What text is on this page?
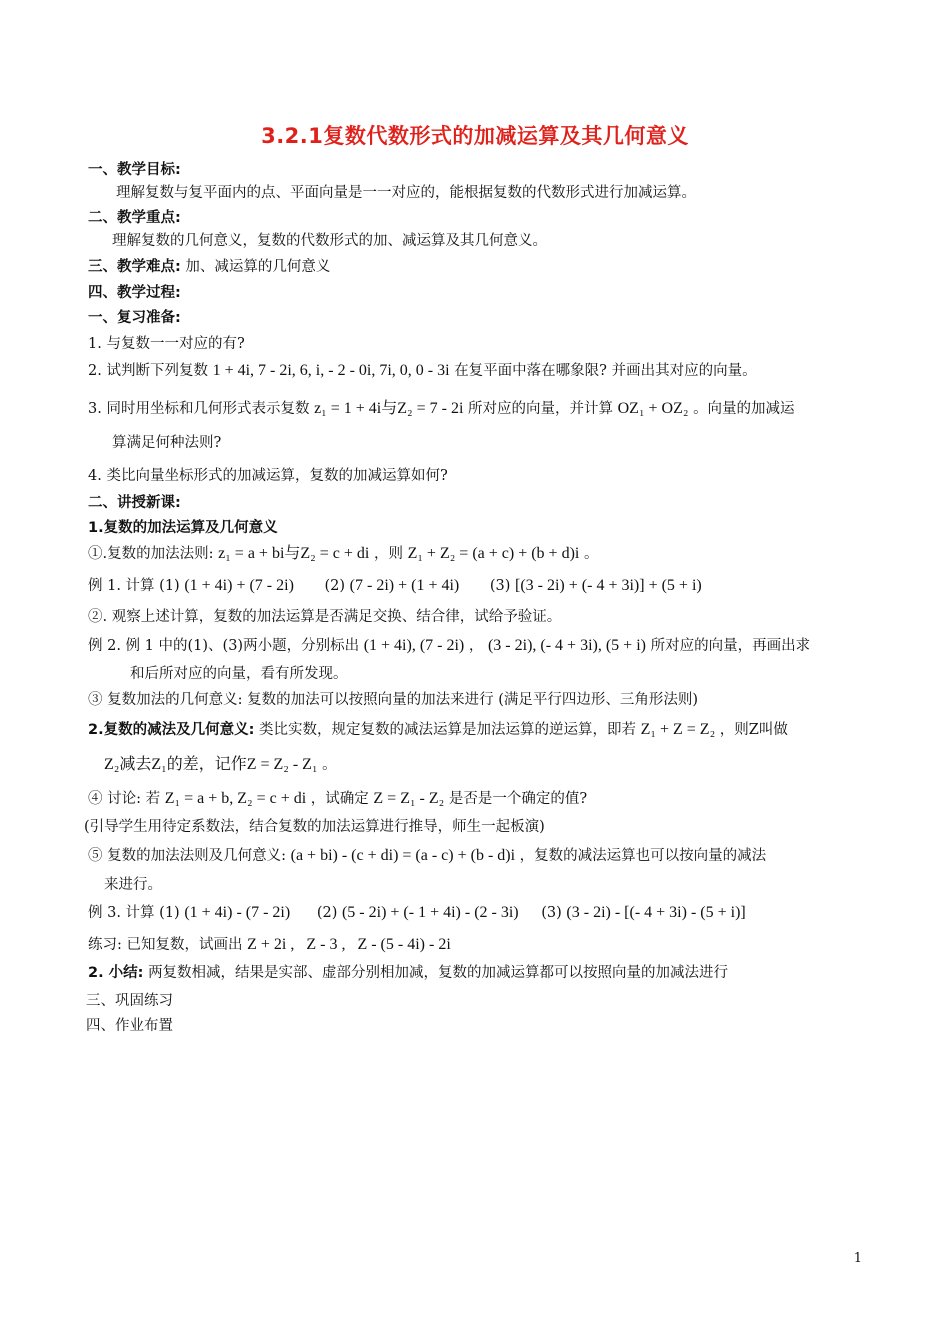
3.2.1复数代数形式的加减运算及其几何意义
一、教学目标:
理解复数与复平面内的点、平面向量是一一对应的，能根据复数的代数形式进行加减运算。
二、教学重点:
理解复数的几何意义，复数的代数形式的加、减运算及其几何意义。
三、教学难点: 加、减运算的几何意义
四、教学过程:
一、复习准备:
1. 与复数一一对应的有?
2. 试判断下列复数 1 + 4i, 7 - 2i, 6, i, - 2 - 0i, 7i, 0, 0 - 3i 在复平面中落在哪象限? 并画出其对应的向量。
3. 同时用坐标和几何形式表示复数 z₁ = 1 + 4i与Z₂ = 7 - 2i 所对应的向量，并计算 OZ₁ + OZ₂ 。向量的加减运
算满足何种法则?
4. 类比向量坐标形式的加减运算，复数的加减运算如何?
二、讲授新课:
1.复数的加法运算及几何意义
①.复数的加法法则: z₁ = a + bi与Z₂ = c + di ，则 Z₁ + Z₂ = (a + c) + (b + d)i 。
例 1. 计算 (1) (1 + 4i) + (7 - 2i) (2) (7 - 2i) + (1 + 4i) (3) [(3 - 2i) + (- 4 + 3i)] + (5 + i)
②. 观察上述计算，复数的加法运算是否满足交换、结合律，试给予验证。
例 2. 例 1 中的(1)、(3)两小题，分别标出 (1 + 4i), (7 - 2i) ， (3 - 2i), (- 4 + 3i), (5 + i) 所对应的向量，再画出求
和后所对应的向量，看有所发现。
③ 复数加法的几何意义: 复数的加法可以按照向量的加法来进行 (满足平行四边形、三角形法则)
2.复数的减法及几何意义: 类比实数，规定复数的减法运算是加法运算的逆运算，即若 Z₁ + Z = Z₂ ，则Z叫做
Z₂减去Z₁的差，记作Z = Z₂ - Z₁ 。
④ 讨论: 若 Z₁ = a + b, Z₂ = c + di ，试确定 Z = Z₁ - Z₂ 是否是一个确定的值?
(引导学生用待定系数法，结合复数的加法运算进行推导，师生一起板演)
⑤ 复数的加法法则及几何意义: (a + bi) - (c + di) = (a - c) + (b - d)i ，复数的减法运算也可以按向量的减法
来进行。
例 3. 计算 (1) (1 + 4i) - (7 - 2i) (2) (5 - 2i) + (- 1 + 4i) - (2 - 3i) (3) (3 - 2i) - [(- 4 + 3i) - (5 + i)]
练习: 已知复数，试画出 Z + 2i ,   Z - 3 ,   Z - (5 - 4i) - 2i
2. 小结: 两复数相减，结果是实部、虚部分别相加减，复数的加减运算都可以按照向量的加减法进行
三、巩固练习
四、作业布置
1
